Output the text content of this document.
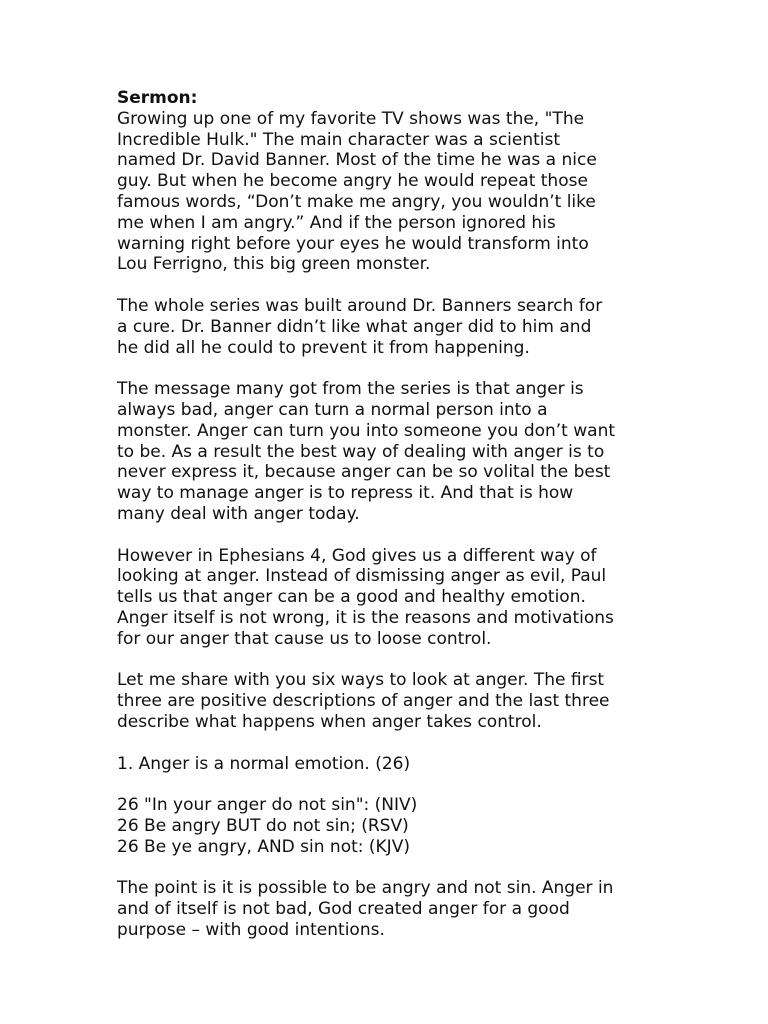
Sermon:
Growing up one of my favorite TV shows was the, "The
Incredible Hulk." The main character was a scientist
named Dr. David Banner. Most of the time he was a nice
guy. But when he become angry he would repeat those
famous words, “Don’t make me angry, you wouldn’t like
me when I am angry.” And if the person ignored his
warning right before your eyes he would transform into
Lou Ferrigno, this big green monster.
The whole series was built around Dr. Banners search for
a cure. Dr. Banner didn’t like what anger did to him and
he did all he could to prevent it from happening.
The message many got from the series is that anger is
always bad, anger can turn a normal person into a
monster. Anger can turn you into someone you don’t want
to be. As a result the best way of dealing with anger is to
never express it, because anger can be so volital the best
way to manage anger is to repress it. And that is how
many deal with anger today.
However in Ephesians 4, God gives us a different way of
looking at anger. Instead of dismissing anger as evil, Paul
tells us that anger can be a good and healthy emotion.
Anger itself is not wrong, it is the reasons and motivations
for our anger that cause us to loose control.
Let me share with you six ways to look at anger. The first
three are positive descriptions of anger and the last three
describe what happens when anger takes control.
1. Anger is a normal emotion. (26)
26 "In your anger do not sin": (NIV)
26 Be angry BUT do not sin; (RSV)
26 Be ye angry, AND sin not: (KJV)
The point is it is possible to be angry and not sin. Anger in
and of itself is not bad, God created anger for a good
purpose – with good intentions.
